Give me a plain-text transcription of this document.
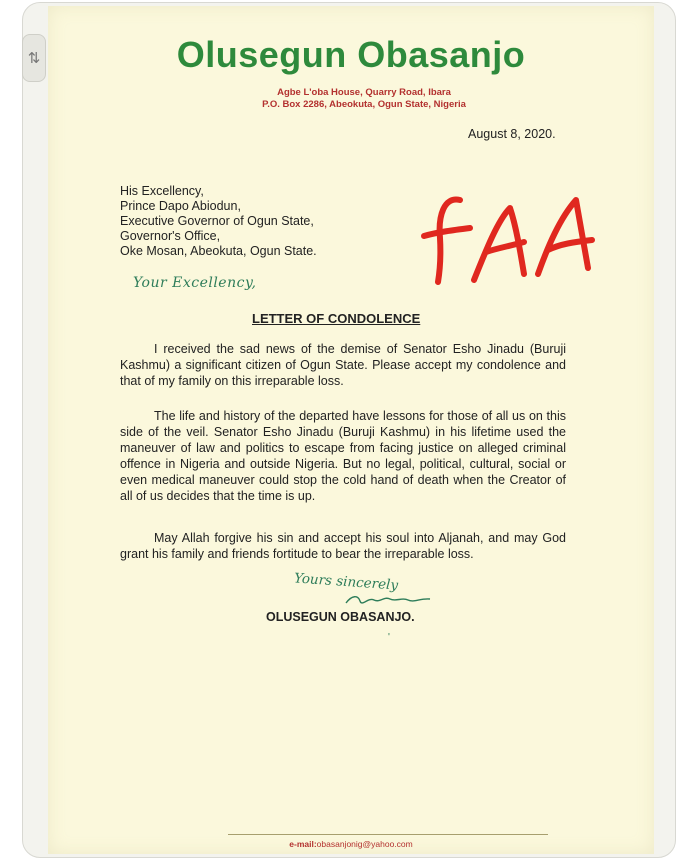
⇅	Olusegun Obasanjo
Agbe L'oba House, Quarry Road, Ibara
P.O. Box 2286, Abeokuta, Ogun State, Nigeria
August 8, 2020.
His Excellency,
Prince Dapo Abiodun,
Executive Governor of Ogun State,
Governor's Office,
Oke Mosan, Abeokuta, Ogun State.
Your Excellency,
LETTER OF CONDOLENCE

I received the sad news of the demise of Senator Esho Jinadu (Buruji Kashmu) a significant citizen of Ogun State. Please accept my condolence and that of my family on this irreparable loss.

The life and history of the departed have lessons for those of all us on this side of the veil. Senator Esho Jinadu (Buruji Kashmu) in his lifetime used the maneuver of law and politics to escape from facing justice on alleged criminal offence in Nigeria and outside Nigeria. But no legal, political, cultural, social or even medical maneuver could stop the cold hand of death when the Creator of all of us decides that the time is up.

May Allah forgive his sin and accept his soul into Aljanah, and may God grant his family and friends fortitude to bear the irreparable loss.

Yours sincerely
OLUSEGUN OBASANJO.
'
e-mail:obasanjonig@yahoo.com
